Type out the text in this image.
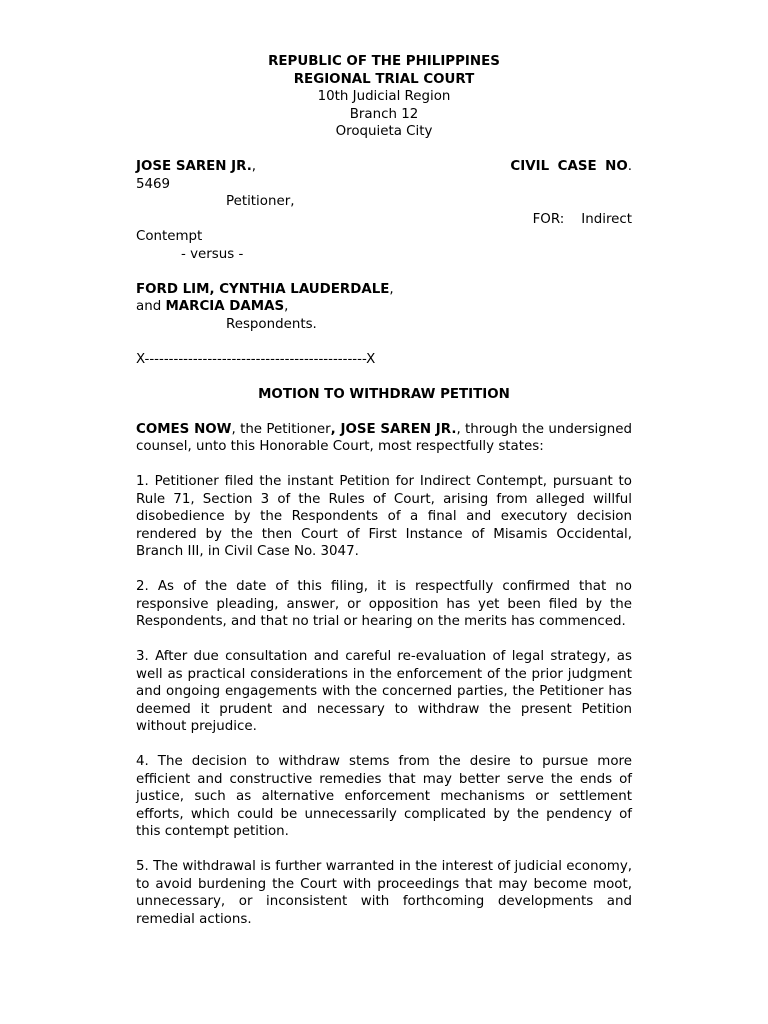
REPUBLIC OF THE PHILIPPINES
REGIONAL TRIAL COURT
10th Judicial Region
Branch 12
Oroquieta City
JOSE SAREN JR.,	CIVIL CASE NO.
5469
Petitioner,
FOR: Indirect
Contempt
- versus -
FORD LIM, CYNTHIA LAUDERDALE,
and MARCIA DAMAS,
Respondents.
X----------------------------------------------X
MOTION TO WITHDRAW PETITION
COMES NOW, the Petitioner, JOSE SAREN JR., through the undersigned counsel, unto this Honorable Court, most respectfully states:
1. Petitioner filed the instant Petition for Indirect Contempt, pursuant to Rule 71, Section 3 of the Rules of Court, arising from alleged willful disobedience by the Respondents of a final and executory decision rendered by the then Court of First Instance of Misamis Occidental, Branch III, in Civil Case No. 3047.
2. As of the date of this filing, it is respectfully confirmed that no responsive pleading, answer, or opposition has yet been filed by the Respondents, and that no trial or hearing on the merits has commenced.
3. After due consultation and careful re-evaluation of legal strategy, as well as practical considerations in the enforcement of the prior judgment and ongoing engagements with the concerned parties, the Petitioner has deemed it prudent and necessary to withdraw the present Petition without prejudice.
4. The decision to withdraw stems from the desire to pursue more efficient and constructive remedies that may better serve the ends of justice, such as alternative enforcement mechanisms or settlement efforts, which could be unnecessarily complicated by the pendency of this contempt petition.
5. The withdrawal is further warranted in the interest of judicial economy, to avoid burdening the Court with proceedings that may become moot, unnecessary, or inconsistent with forthcoming developments and remedial actions.
